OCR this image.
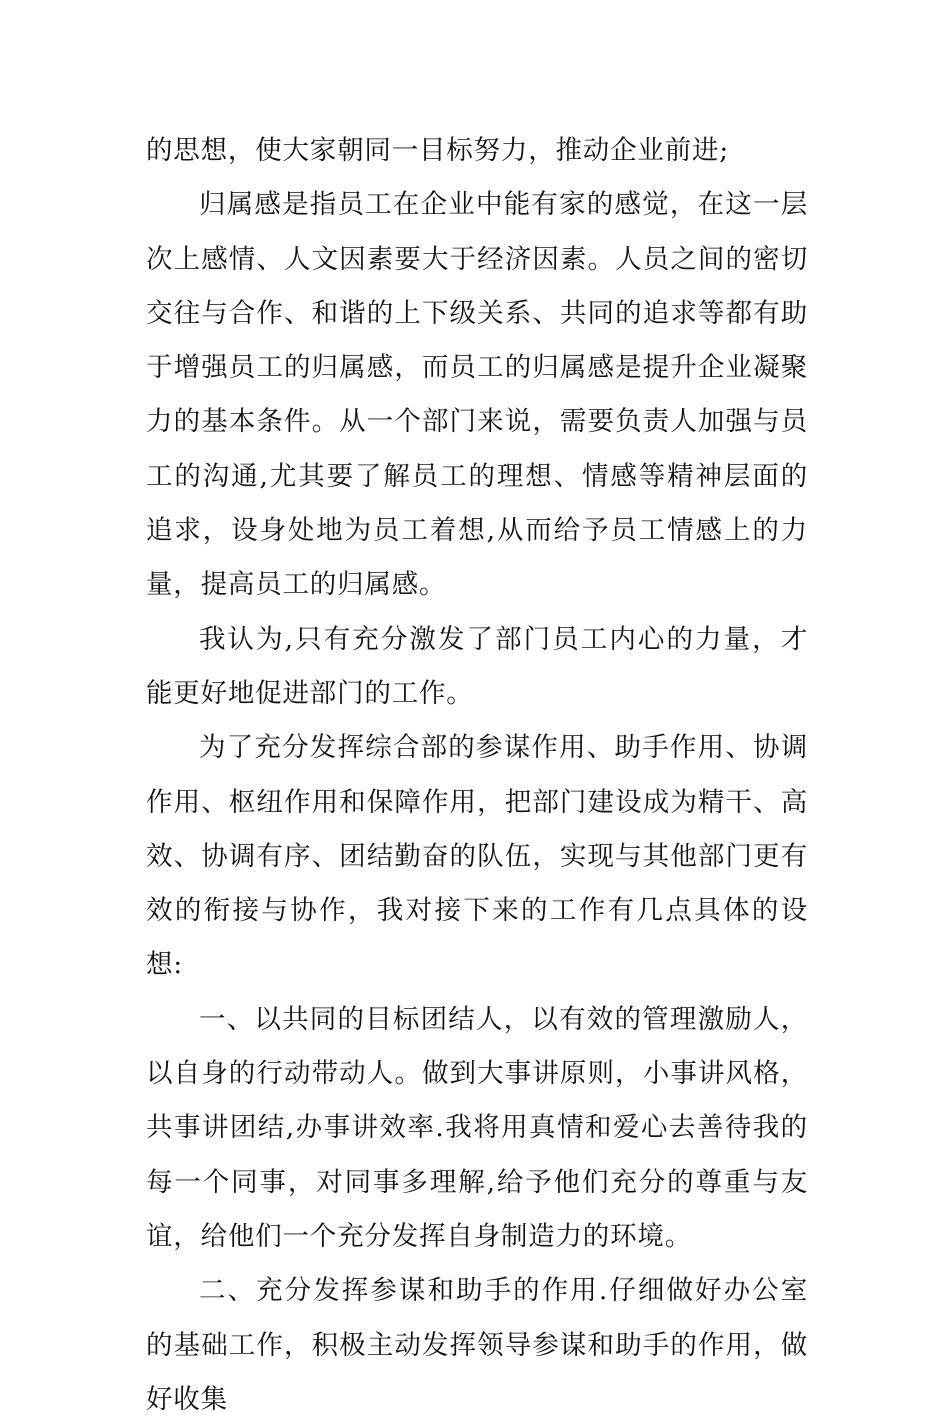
的思想，使大家朝同一目标努力，推动企业前进;

归属感是指员工在企业中能有家的感觉，在这一层次上感情、人文因素要大于经济因素。人员之间的密切交往与合作、和谐的上下级关系、共同的追求等都有助于增强员工的归属感，而员工的归属感是提升企业凝聚力的基本条件。从一个部门来说，需要负责人加强与员工的沟通,尤其要了解员工的理想、情感等精神层面的追求，设身处地为员工着想,从而给予员工情感上的力量，提高员工的归属感。

我认为,只有充分激发了部门员工内心的力量，才能更好地促进部门的工作。

为了充分发挥综合部的参谋作用、助手作用、协调作用、枢纽作用和保障作用，把部门建设成为精干、高效、协调有序、团结勤奋的队伍，实现与其他部门更有效的衔接与协作，我对接下来的工作有几点具体的设想:

一、以共同的目标团结人，以有效的管理激励人，以自身的行动带动人。做到大事讲原则，小事讲风格，共事讲团结,办事讲效率.我将用真情和爱心去善待我的每一个同事，对同事多理解,给予他们充分的尊重与友谊，给他们一个充分发挥自身制造力的环境。

二、充分发挥参谋和助手的作用.仔细做好办公室的基础工作，积极主动发挥领导参谋和助手的作用，做好收集
